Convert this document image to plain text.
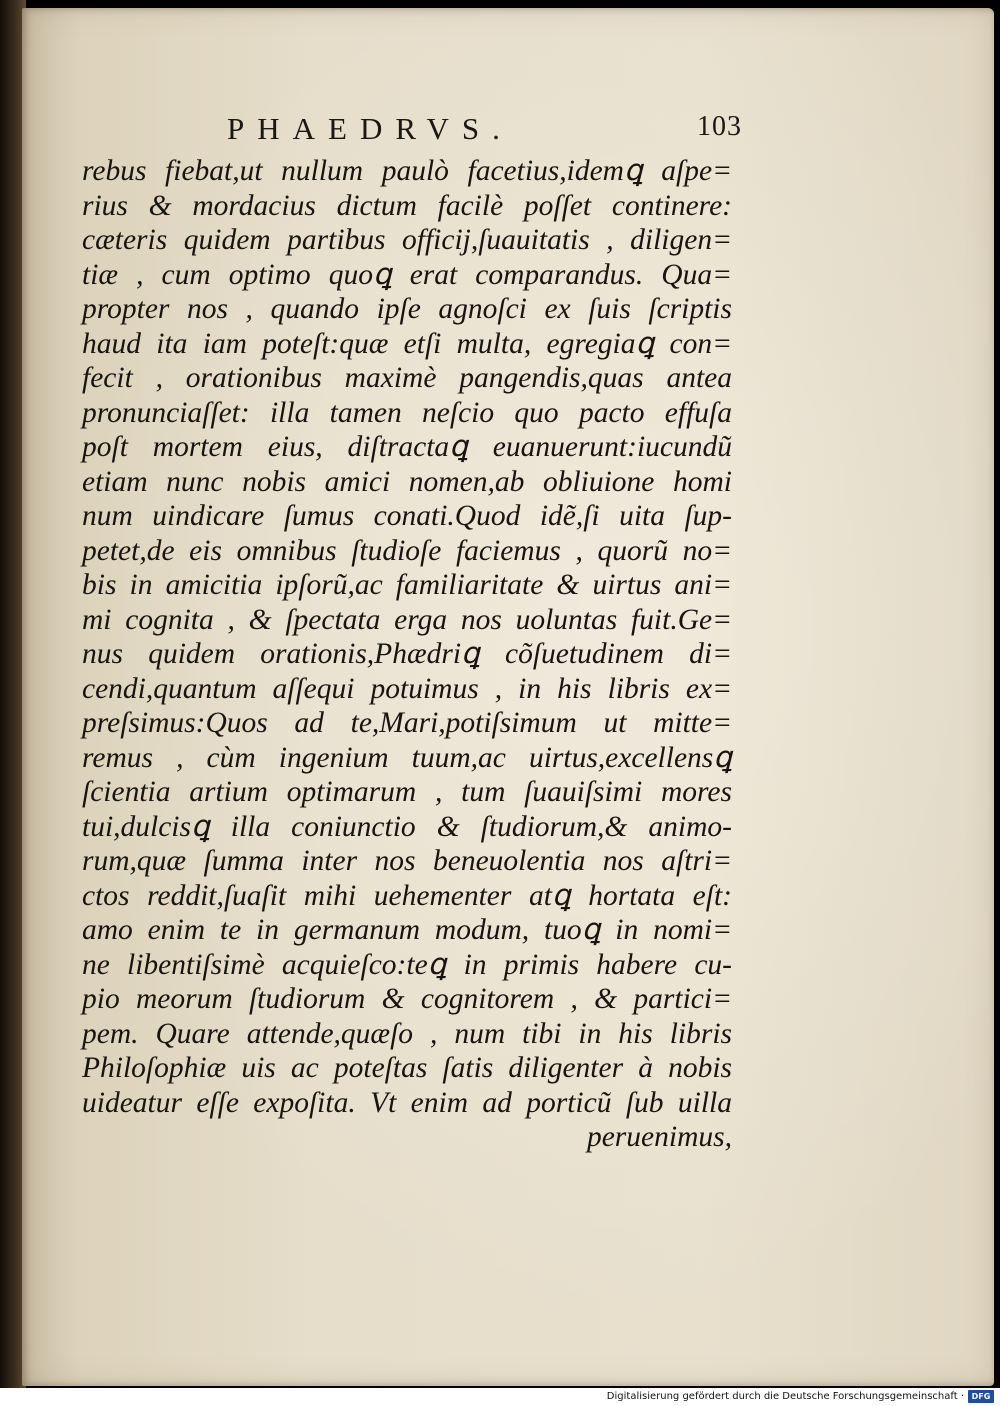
PHAEDRVS.	103
rebus fiebat,ut nullum paulò facetius,idemꝗ aſpe=
rius & mordacius dictum facilè poſſet continere:
cæteris quidem partibus officij,ſuauitatis , diligen=
tiæ , cum optimo quoꝗ erat comparandus. Qua=
propter nos , quando ipſe agnoſci ex ſuis ſcriptis
haud ita iam poteſt:quæ etſi multa, egregiaꝗ con=
fecit , orationibus maximè pangendis,quas antea
pronunciaſſet: illa tamen neſcio quo pacto effuſa
poſt mortem eius, diſtractaꝗ euanuerunt:iucundũ
etiam nunc nobis amici nomen,ab obliuione homi
num uindicare ſumus conati.Quod idẽ,ſi uita ſup-
petet,de eis omnibus ſtudioſe faciemus , quorũ no=
bis in amicitia ipſorũ,ac familiaritate & uirtus ani=
mi cognita , & ſpectata erga nos uoluntas fuit.Ge=
nus quidem orationis,Phædriꝗ cõſuetudinem di=
cendi,quantum aſſequi potuimus , in his libris ex=
preſsimus:Quos ad te,Mari,potiſsimum ut mitte=
remus , cùm ingenium tuum,ac uirtus,excellensꝗ
ſcientia artium optimarum , tum ſuauiſsimi mores
tui,dulcisꝗ illa coniunctio & ſtudiorum,& animo-
rum,quæ ſumma inter nos beneuolentia nos aſtri=
ctos reddit,ſuaſit mihi uehementer atꝗ hortata eſt:
amo enim te in germanum modum, tuoꝗ in nomi=
ne libentiſsimè acquieſco:teꝗ in primis habere cu-
pio meorum ſtudiorum & cognitorem , & partici=
pem. Quare attende,quæſo , num tibi in his libris
Philoſophiæ uis ac poteſtas ſatis diligenter à nobis
uideatur eſſe expoſita. Vt enim ad porticũ ſub uilla
peruenimus,
Digitalisierung gefördert durch die Deutsche Forschungsgemeinschaft · DFG
